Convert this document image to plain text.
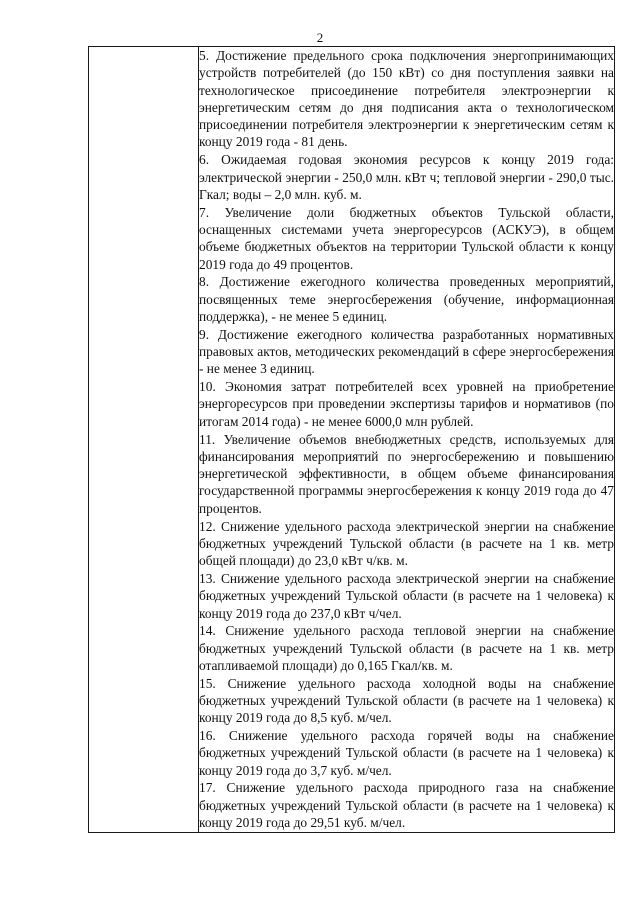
2

5. Достижение предельного срока подключения энергопринимающих устройств потребителей (до 150 кВт) со дня поступления заявки на технологическое присоединение потребителя электроэнергии к энергетическим сетям до дня подписания акта о технологическом присоединении потребителя электроэнергии к энергетическим сетям к концу 2019 года - 81 день.

6. Ожидаемая годовая экономия ресурсов к концу 2019 года: электрической энергии - 250,0 млн. кВт ч; тепловой энергии - 290,0 тыс. Гкал; воды – 2,0 млн. куб. м.

7. Увеличение доли бюджетных объектов Тульской области, оснащенных системами учета энергоресурсов (АСКУЭ), в общем объеме бюджетных объектов на территории Тульской области к концу 2019 года до 49 процентов.

8. Достижение ежегодного количества проведенных мероприятий, посвященных теме энергосбережения (обучение, информационная поддержка), - не менее 5 единиц.

9. Достижение ежегодного количества разработанных нормативных правовых актов, методических рекомендаций в сфере энергосбережения - не менее 3 единиц.

10. Экономия затрат потребителей всех уровней на приобретение энергоресурсов при проведении экспертизы тарифов и нормативов (по итогам 2014 года) - не менее 6000,0 млн рублей.

11. Увеличение объемов внебюджетных средств, используемых для финансирования мероприятий по энергосбережению и повышению энергетической эффективности, в общем объеме финансирования государственной программы энергосбережения к концу 2019 года до 47 процентов.

12. Снижение удельного расхода электрической энергии на снабжение бюджетных учреждений Тульской области (в расчете на 1 кв. метр общей площади) до 23,0 кВт ч/кв. м.

13. Снижение удельного расхода электрической энергии на снабжение бюджетных учреждений Тульской области (в расчете на 1 человека) к концу 2019 года до 237,0 кВт ч/чел.

14. Снижение удельного расхода тепловой энергии на снабжение бюджетных учреждений Тульской области (в расчете на 1 кв. метр отапливаемой площади) до 0,165 Гкал/кв. м.

15. Снижение удельного расхода холодной воды на снабжение бюджетных учреждений Тульской области (в расчете на 1 человека) к концу 2019 года до 8,5 куб. м/чел.

16. Снижение удельного расхода горячей воды на снабжение бюджетных учреждений Тульской области (в расчете на 1 человека) к концу 2019 года до 3,7 куб. м/чел.

17. Снижение удельного расхода природного газа на снабжение бюджетных учреждений Тульской области (в расчете на 1 человека) к концу 2019 года до 29,51 куб. м/чел.
